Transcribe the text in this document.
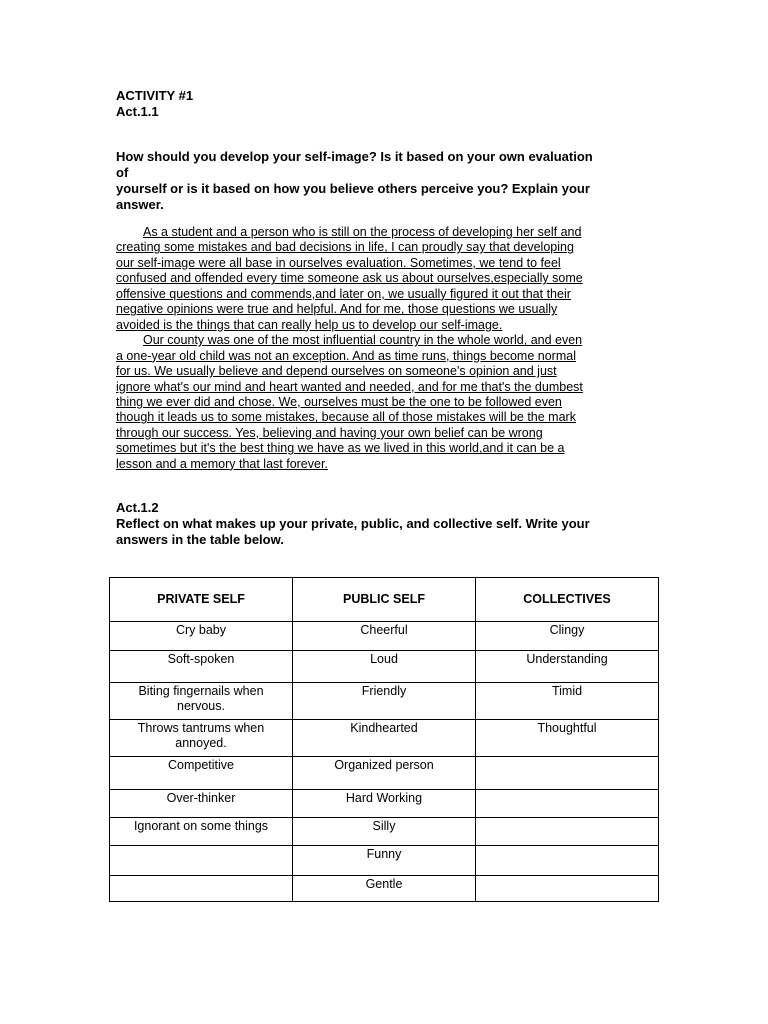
ACTIVITY #1
Act.1.1
How should you develop your self-image? Is it based on your own evaluation
of
yourself or is it based on how you believe others perceive you? Explain your
answer.
As a student and a person who is still on the process of developing her self and
creating some mistakes and bad decisions in life, I can proudly say that developing
our self-image were all base in ourselves evaluation. Sometimes, we tend to feel
confused and offended every time someone ask us about ourselves,especially some
offensive questions and commends,and later on, we usually figured it out that their
negative opinions were true and helpful. And for me, those questions we usually
avoided is the things that can really help us to develop our self-image.
Our county was one of the most influential country in the whole world, and even
a one-year old child was not an exception. And as time runs, things become normal
for us. We usually believe and depend ourselves on someone's opinion and just
ignore what's our mind and heart wanted and needed, and for me that's the dumbest
thing we ever did and chose. We, ourselves must be the one to be followed even
though it leads us to some mistakes, because all of those mistakes will be the mark
through our success. Yes, believing and having your own belief can be wrong
sometimes but it's the best thing we have as we lived in this world,and it can be a
lesson and a memory that last forever.
Act.1.2
Reflect on what makes up your private, public, and collective self. Write your
answers in the table below.
PRIVATE SELF	PUBLIC SELF	COLLECTIVES
Cry baby	Cheerful	Clingy
Soft-spoken	Loud	Understanding
Biting fingernails when nervous.	Friendly	Timid
Throws tantrums when annoyed.	Kindhearted	Thoughtful
Competitive	Organized person	
Over-thinker	Hard Working	
Ignorant on some things	Silly	
	Funny	
	Gentle	
